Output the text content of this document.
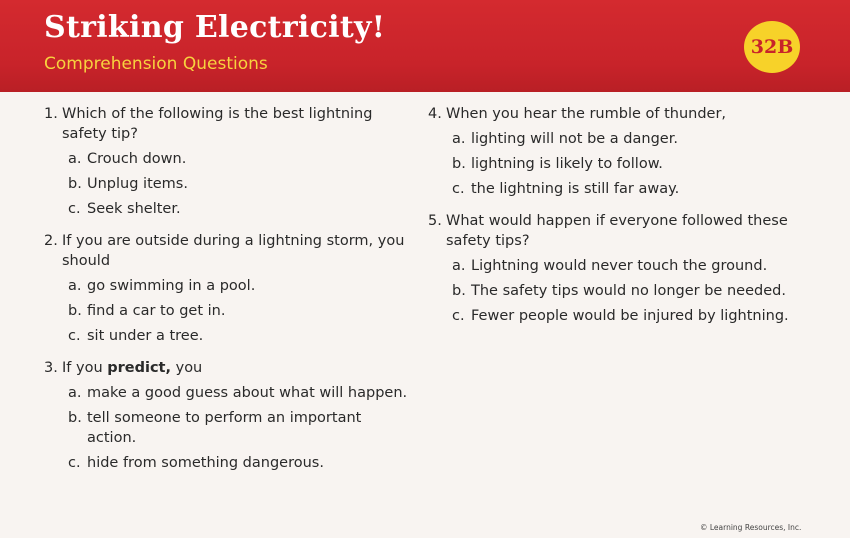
Striking Electricity!
Comprehension Questions
32B
1. Which of the following is the best lightning safety tip?
a. Crouch down.
b. Unplug items.
c. Seek shelter.
2. If you are outside during a lightning storm, you should
a. go swimming in a pool.
b. find a car to get in.
c. sit under a tree.
3. If you predict, you
a. make a good guess about what will happen.
b. tell someone to perform an important action.
c. hide from something dangerous.
4. When you hear the rumble of thunder,
a. lighting will not be a danger.
b. lightning is likely to follow.
c. the lightning is still far away.
5. What would happen if everyone followed these safety tips?
a. Lightning would never touch the ground.
b. The safety tips would no longer be needed.
c. Fewer people would be injured by lightning.
© Learning Resources, Inc.
